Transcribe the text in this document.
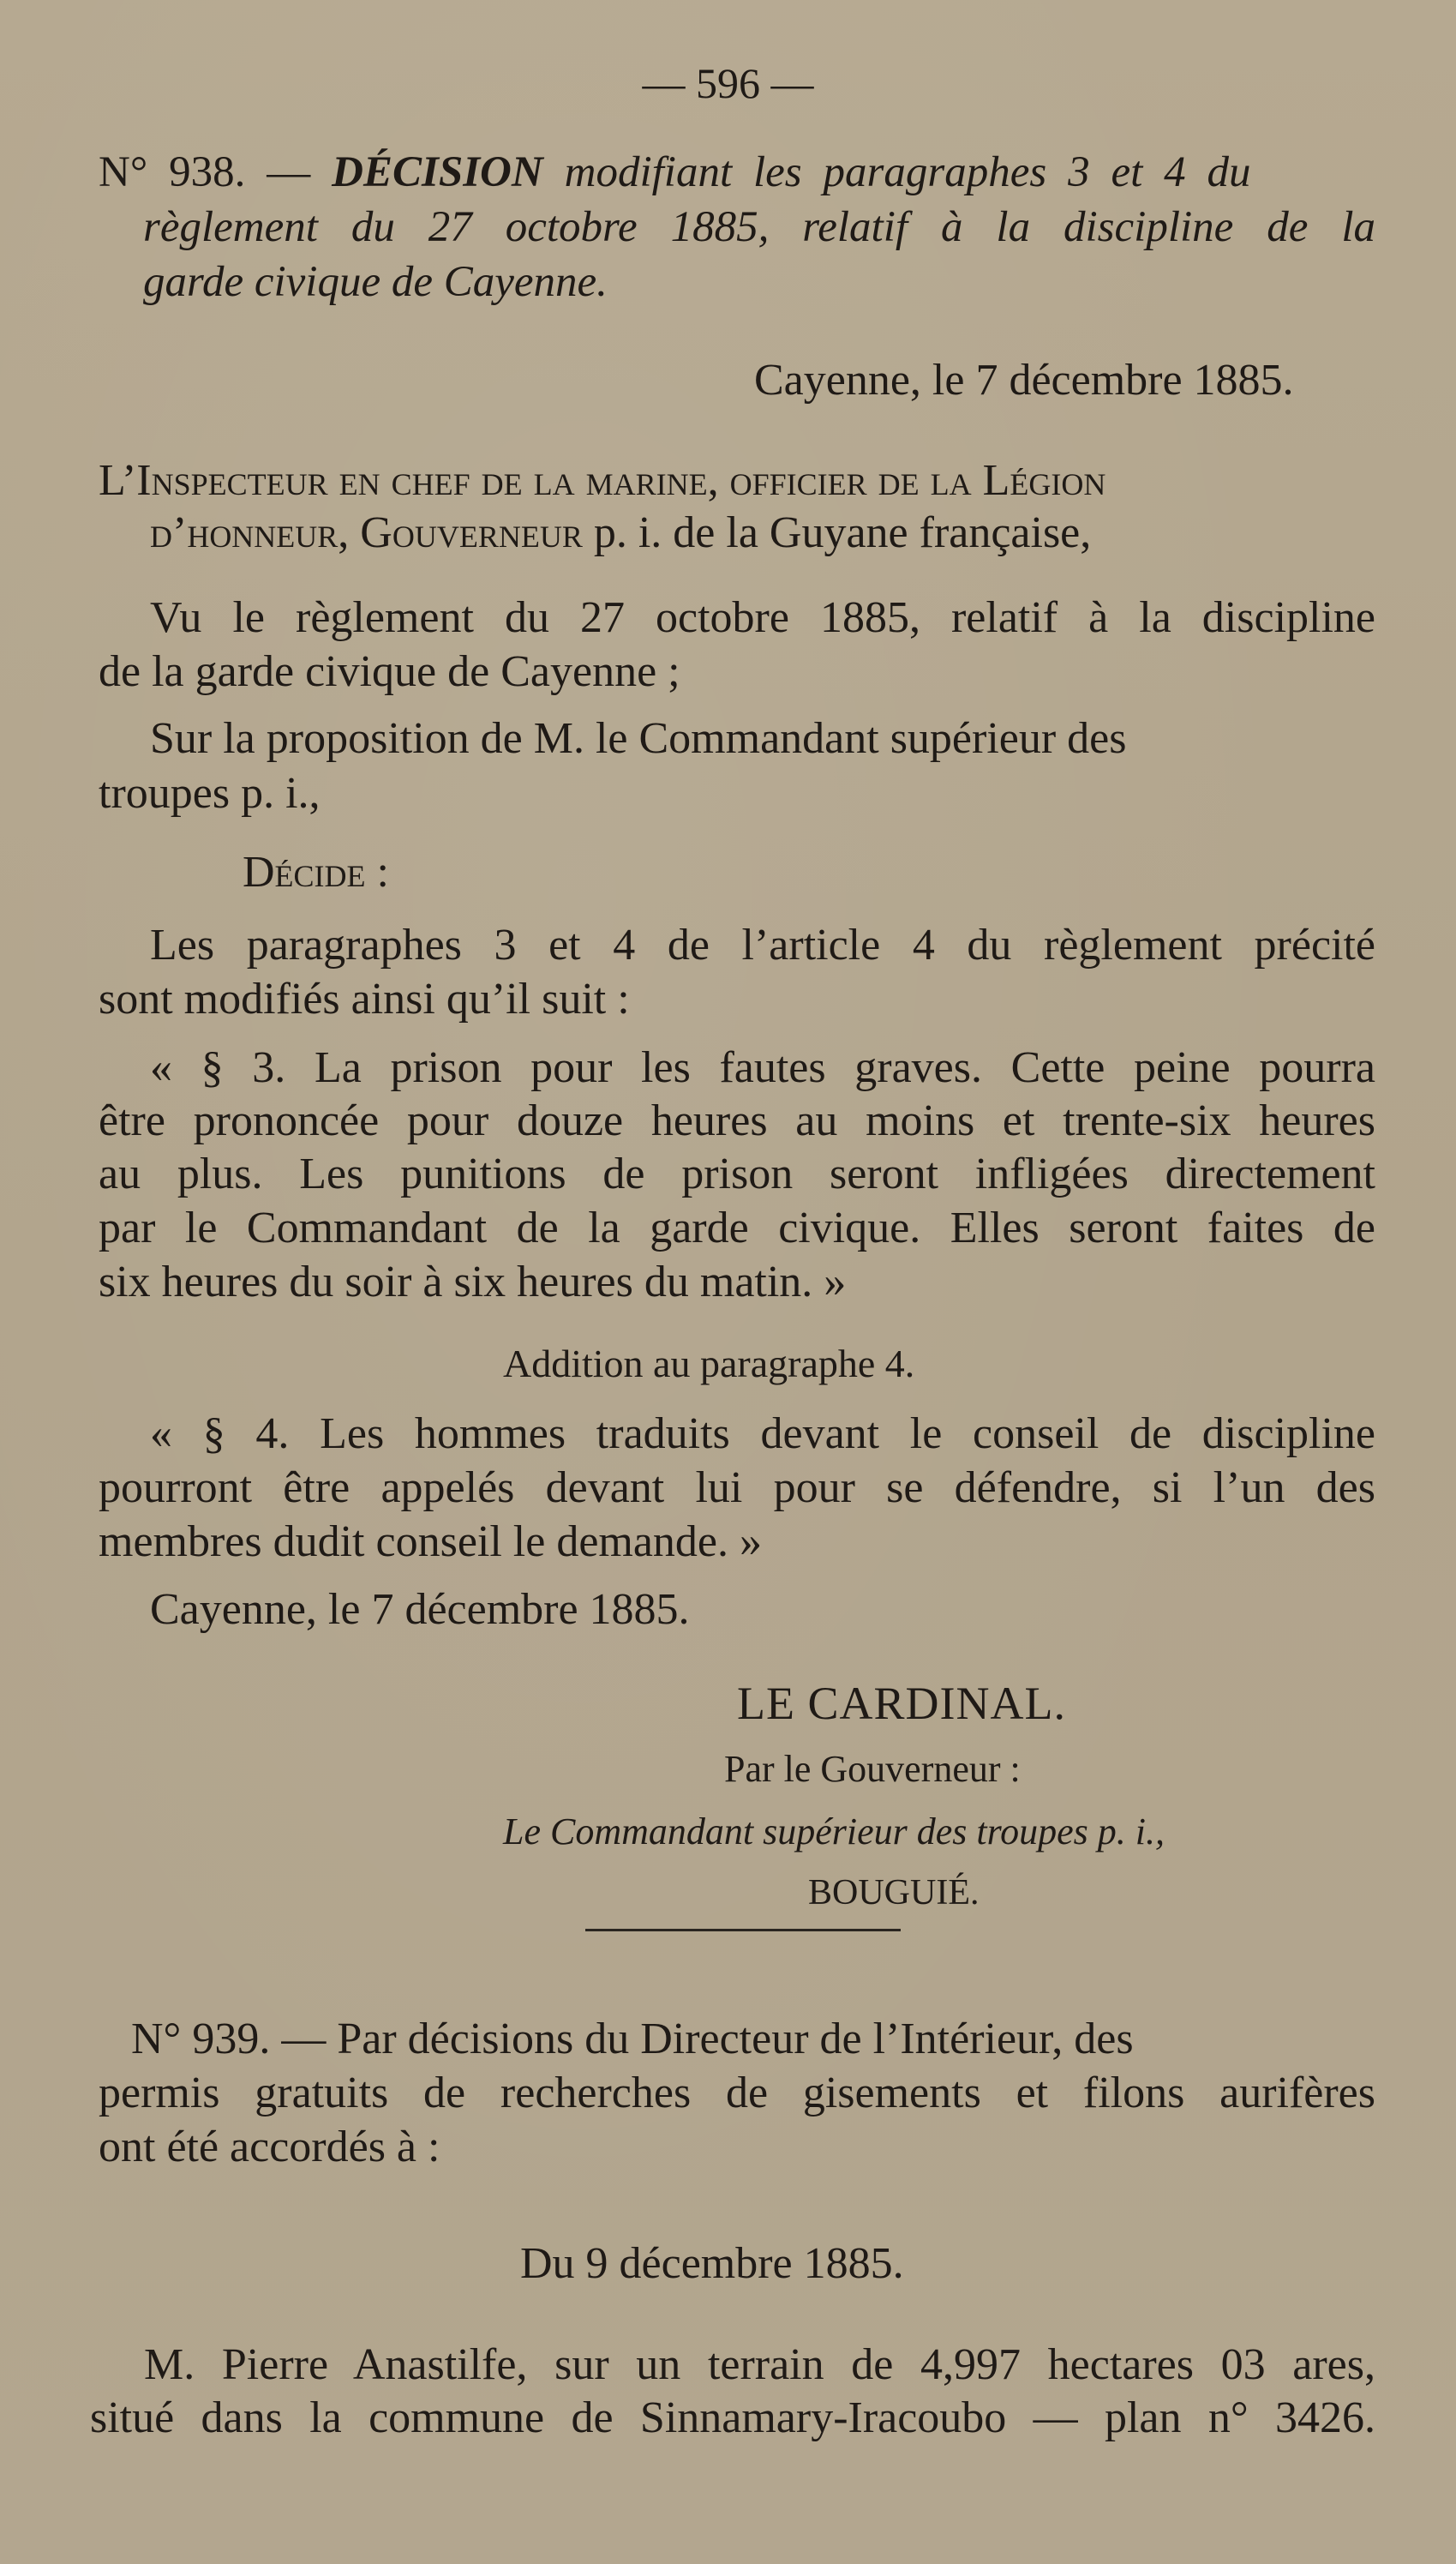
— 596 —
N° 938. — DÉCISION modifiant les paragraphes 3 et 4 du
règlement du 27 octobre 1885, relatif à la discipline de la
garde civique de Cayenne.
Cayenne, le 7 décembre 1885.
L’Inspecteur en chef de la marine, officier de la Légion
d’honneur, Gouverneur p. i. de la Guyane française,
Vu le règlement du 27 octobre 1885, relatif à la discipline
de la garde civique de Cayenne ;
Sur la proposition de M. le Commandant supérieur des
troupes p. i.,
Décide :
Les paragraphes 3 et 4 de l’article 4 du règlement précité
sont modifiés ainsi qu’il suit :
« § 3. La prison pour les fautes graves. Cette peine pourra
être prononcée pour douze heures au moins et trente-six heures
au plus. Les punitions de prison seront infligées directement
par le Commandant de la garde civique. Elles seront faites de
six heures du soir à six heures du matin. »
Addition au paragraphe 4.
« § 4. Les hommes traduits devant le conseil de discipline
pourront être appelés devant lui pour se défendre, si l’un des
membres dudit conseil le demande. »
Cayenne, le 7 décembre 1885.
LE CARDINAL.
Par le Gouverneur :
Le Commandant supérieur des troupes p. i.,
BOUGUIÉ.
N° 939. — Par décisions du Directeur de l’Intérieur, des
permis gratuits de recherches de gisements et filons aurifères
ont été accordés à :
Du 9 décembre 1885.
M. Pierre Anastilfe, sur un terrain de 4,997 hectares 03 ares,
situé dans la commune de Sinnamary-Iracoubo — plan n° 3426.
